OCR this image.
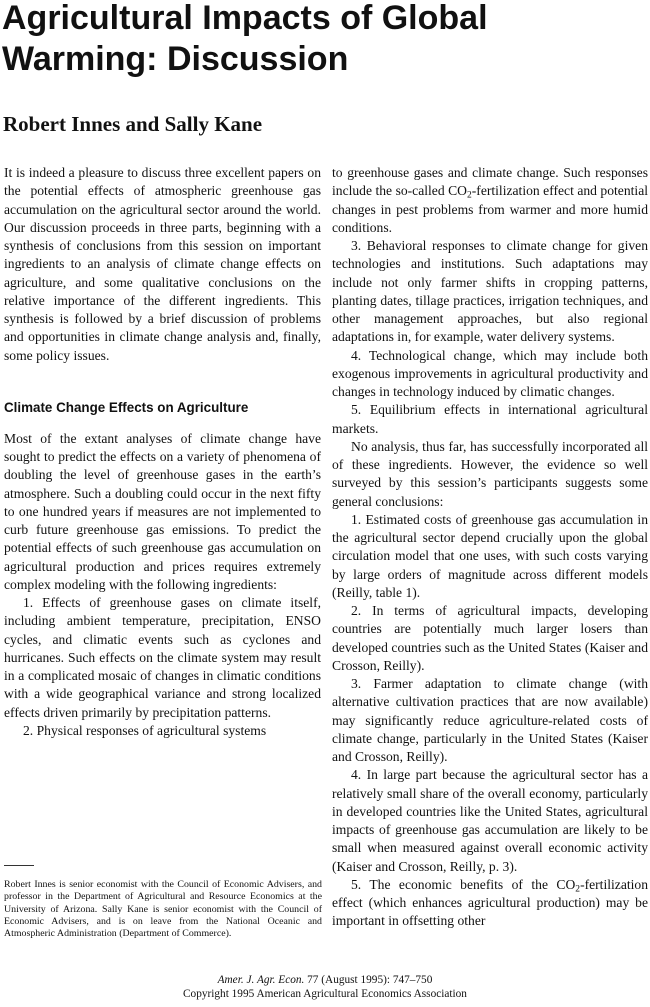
Agricultural Impacts of Global
Warming: Discussion
Robert Innes and Sally Kane

It is indeed a pleasure to discuss three excellent papers on the potential effects of atmospheric greenhouse gas accumulation on the agricultural sector around the world. Our discussion proceeds in three parts, beginning with a synthesis of conclusions from this session on important ingredients to an analysis of climate change effects on agriculture, and some qualitative conclusions on the relative importance of the different ingredients. This synthesis is followed by a brief discussion of problems and opportunities in climate change analysis and, finally, some policy issues.

Climate Change Effects on Agriculture

Most of the extant analyses of climate change have sought to predict the effects on a variety of phenomena of doubling the level of greenhouse gases in the earth’s atmosphere. Such a doubling could occur in the next fifty to one hundred years if measures are not implemented to curb future greenhouse gas emissions. To predict the potential effects of such greenhouse gas accumulation on agricultural production and prices requires extremely complex modeling with the following ingredients:

1. Effects of greenhouse gases on climate itself, including ambient temperature, precipitation, ENSO cycles, and climatic events such as cyclones and hurricanes. Such effects on the climate system may result in a complicated mosaic of changes in climatic conditions with a wide geographical variance and strong localized effects driven primarily by precipitation patterns.

2. Physical responses of agricultural systems

Robert Innes is senior economist with the Council of Economic Advisers, and professor in the Department of Agricultural and Resource Economics at the University of Arizona. Sally Kane is senior economist with the Council of Economic Advisers, and is on leave from the National Oceanic and Atmospheric Administration (Department of Commerce).

to greenhouse gases and climate change. Such responses include the so-called $CO_2$-fertilization effect and potential changes in pest problems from warmer and more humid conditions.

3. Behavioral responses to climate change for given technologies and institutions. Such adaptations may include not only farmer shifts in cropping patterns, planting dates, tillage practices, irrigation techniques, and other management approaches, but also regional adaptations in, for example, water delivery systems.

4. Technological change, which may include both exogenous improvements in agricultural productivity and changes in technology induced by climatic changes.

5. Equilibrium effects in international agricultural markets.

No analysis, thus far, has successfully incorporated all of these ingredients. However, the evidence so well surveyed by this session’s participants suggests some general conclusions:

1. Estimated costs of greenhouse gas accumulation in the agricultural sector depend crucially upon the global circulation model that one uses, with such costs varying by large orders of magnitude across different models (Reilly, table 1).

2. In terms of agricultural impacts, developing countries are potentially much larger losers than developed countries such as the United States (Kaiser and Crosson, Reilly).

3. Farmer adaptation to climate change (with alternative cultivation practices that are now available) may significantly reduce agriculture-related costs of climate change, particularly in the United States (Kaiser and Crosson, Reilly).

4. In large part because the agricultural sector has a relatively small share of the overall economy, particularly in developed countries like the United States, agricultural impacts of greenhouse gas accumulation are likely to be small when measured against overall economic activity (Kaiser and Crosson, Reilly, p. 3).

5. The economic benefits of the $CO_2$-fertilization effect (which enhances agricultural production) may be important in offsetting other

Amer. J. Agr. Econ. 77 (August 1995): 747–750
Copyright 1995 American Agricultural Economics Association
